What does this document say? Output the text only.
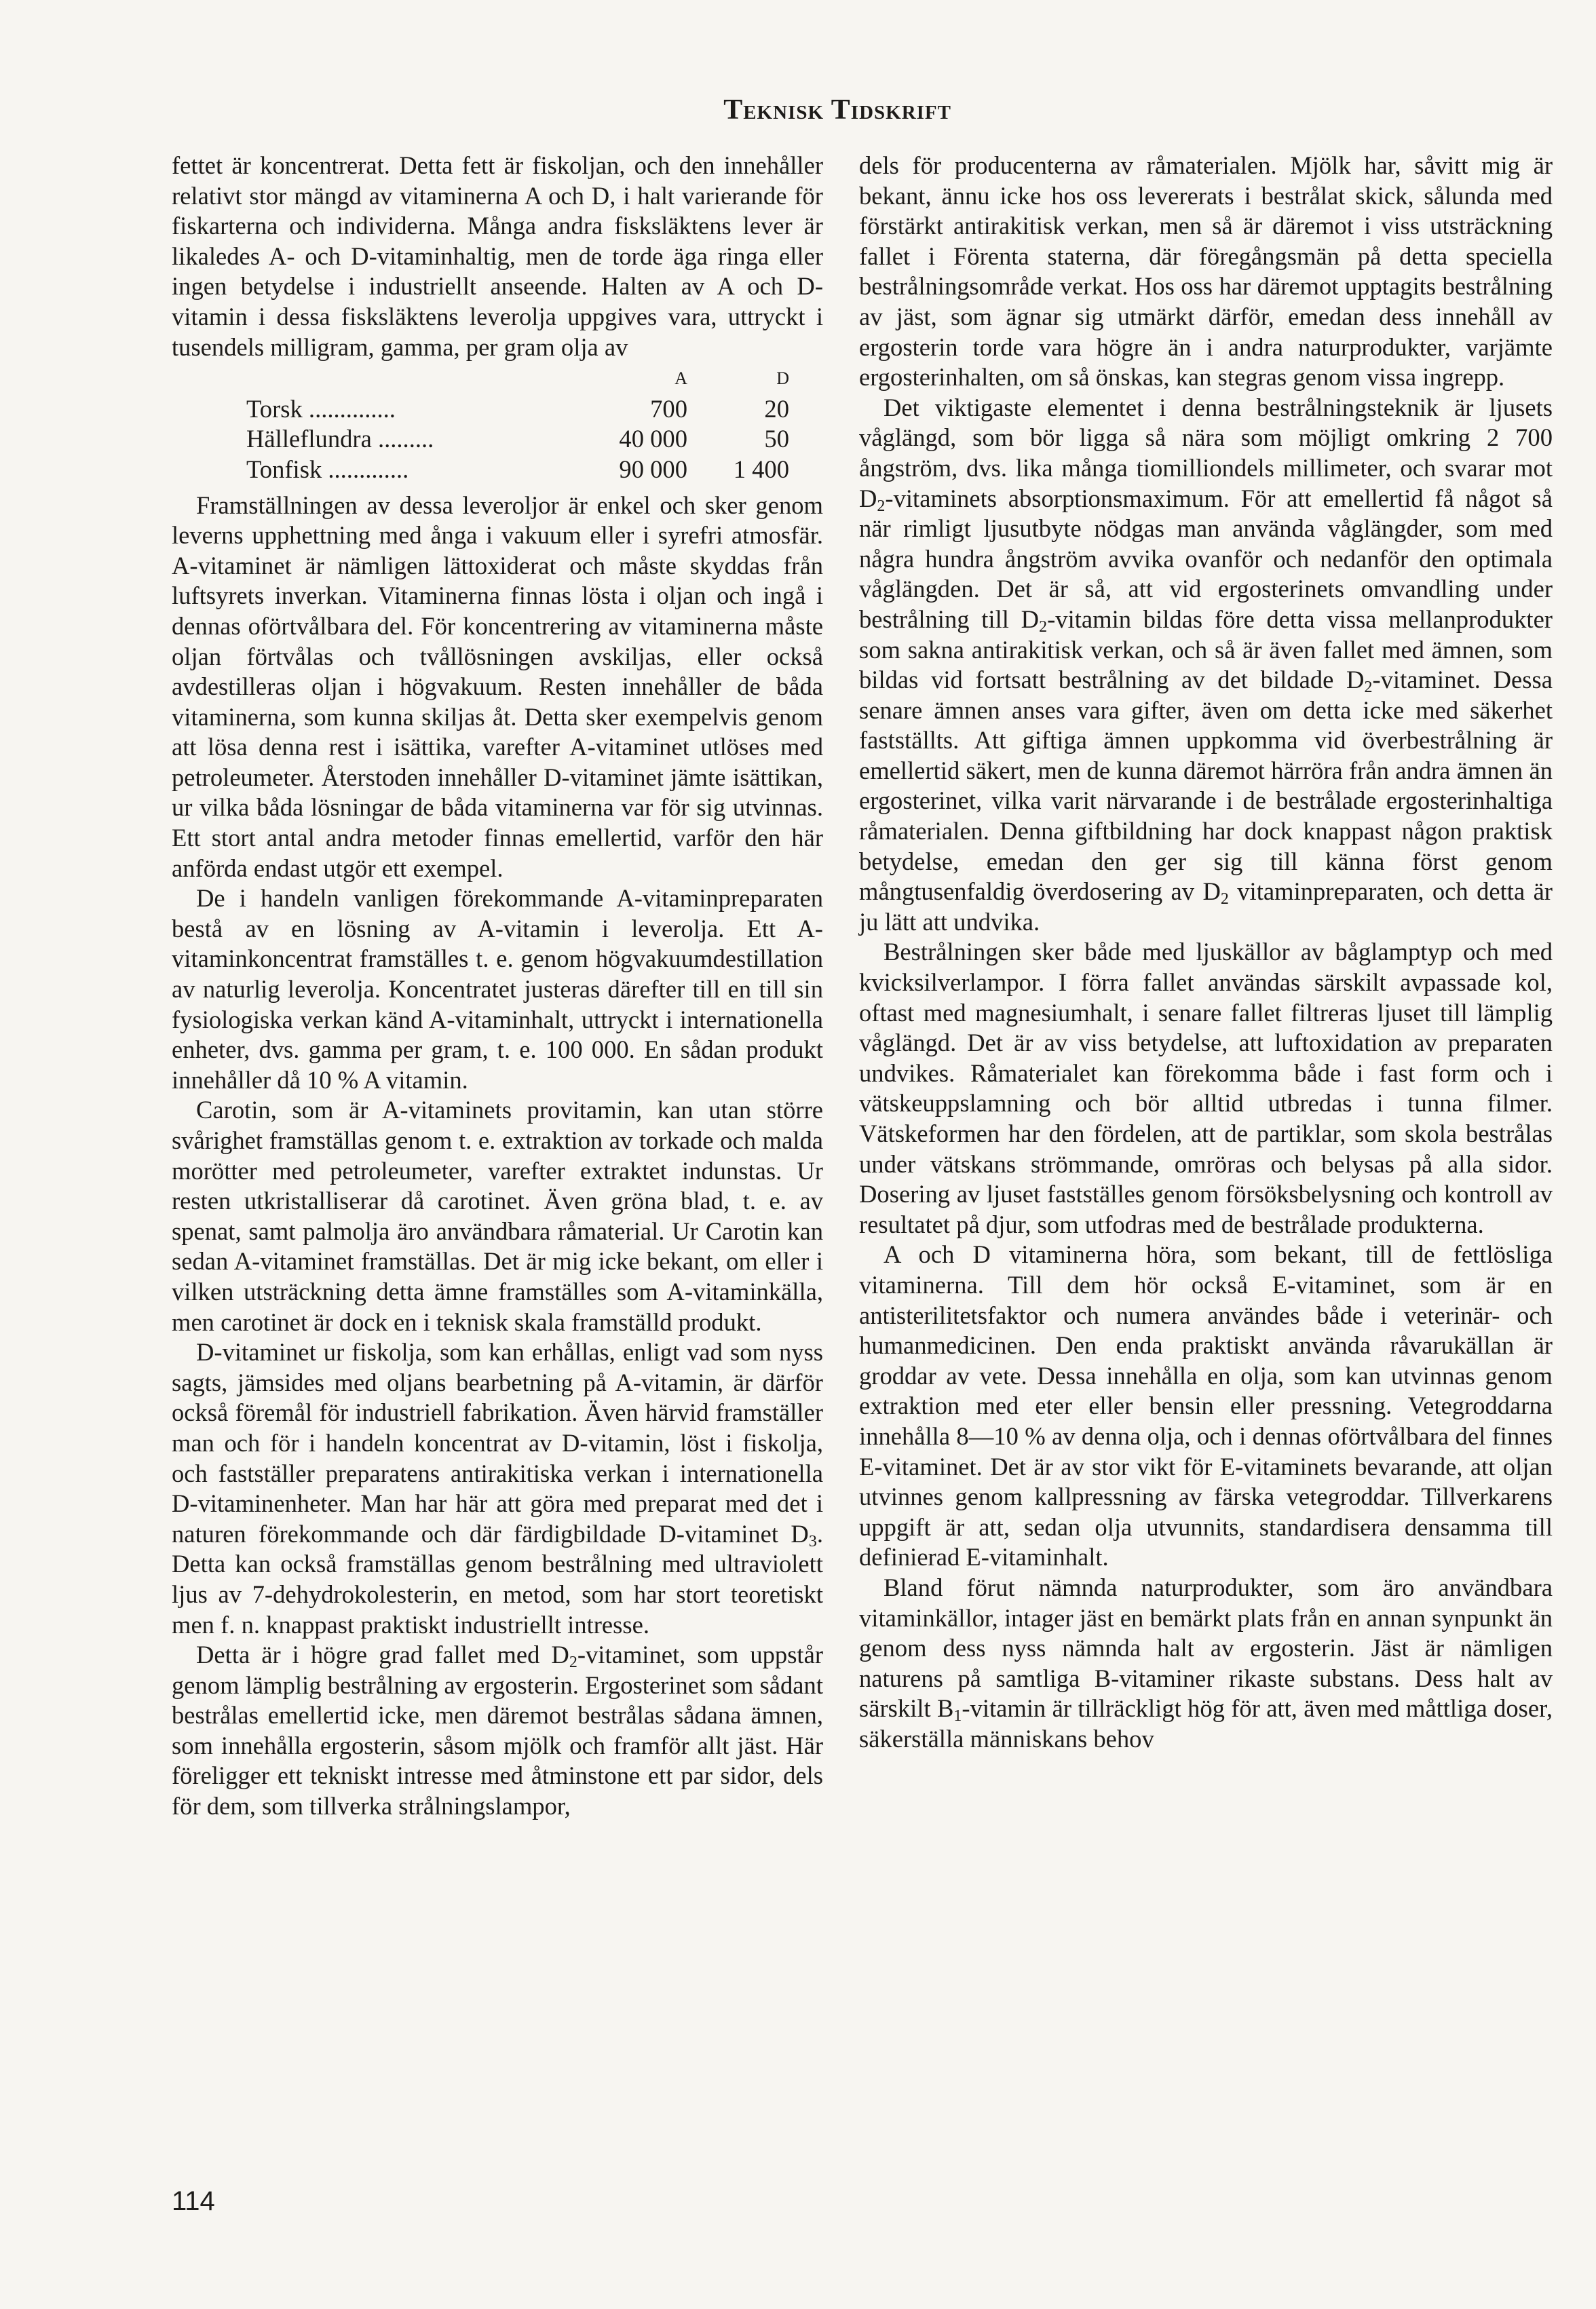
Teknisk Tidskrift

fettet är koncentrerat. Detta fett är fiskoljan, och den innehåller relativt stor mängd av vitaminerna A och D, i halt varierande för fiskarterna och individerna. Många andra fisksläktens lever är likaledes A- och D-vitaminhaltig, men de torde äga ringa eller ingen betydelse i industriellt anseende. Halten av A och D-vitamin i dessa fisksläktens leverolja uppgives vara, uttryckt i tusendels milligram, gamma, per gram olja av

	A	D
Torsk ..............	700	20
Hälleflundra .........	40 000	50
Tonfisk .............	90 000	1 400

Framställningen av dessa leveroljor är enkel och sker genom leverns upphettning med ånga i vakuum eller i syrefri atmosfär. A-vitaminet är nämligen lättoxiderat och måste skyddas från luftsyrets inverkan. Vitaminerna finnas lösta i oljan och ingå i dennas oförtvålbara del. För koncentrering av vitaminerna måste oljan förtvålas och tvållösningen avskiljas, eller också avdestilleras oljan i högvakuum. Resten innehåller de båda vitaminerna, som kunna skiljas åt. Detta sker exempelvis genom att lösa denna rest i isättika, varefter A-vitaminet utlöses med petroleumeter. Återstoden innehåller D-vitaminet jämte isättikan, ur vilka båda lösningar de båda vitaminerna var för sig utvinnas. Ett stort antal andra metoder finnas emellertid, varför den här anförda endast utgör ett exempel.

De i handeln vanligen förekommande A-vitaminpreparaten bestå av en lösning av A-vitamin i leverolja. Ett A-vitaminkoncentrat framställes t. e. genom högvakuumdestillation av naturlig leverolja. Koncentratet justeras därefter till en till sin fysiologiska verkan känd A-vitaminhalt, uttryckt i internationella enheter, dvs. gamma per gram, t. e. 100 000. En sådan produkt innehåller då 10 % A vitamin.

Carotin, som är A-vitaminets provitamin, kan utan större svårighet framställas genom t. e. extraktion av torkade och malda morötter med petroleumeter, varefter extraktet indunstas. Ur resten utkristalliserar då carotinet. Även gröna blad, t. e. av spenat, samt palmolja äro användbara råmaterial. Ur Carotin kan sedan A-vitaminet framställas. Det är mig icke bekant, om eller i vilken utsträckning detta ämne framställes som A-vitaminkälla, men carotinet är dock en i teknisk skala framställd produkt.

D-vitaminet ur fiskolja, som kan erhållas, enligt vad som nyss sagts, jämsides med oljans bearbetning på A-vitamin, är därför också föremål för industriell fabrikation. Även härvid framställer man och för i handeln koncentrat av D-vitamin, löst i fiskolja, och fastställer preparatens antirakitiska verkan i internationella D-vitaminenheter. Man har här att göra med preparat med det i naturen förekommande och där färdigbildade D-vitaminet $D_3$. Detta kan också framställas genom bestrålning med ultraviolett ljus av 7-dehydrokolesterin, en metod, som har stort teoretiskt men f. n. knappast praktiskt industriellt intresse.

Detta är i högre grad fallet med $D_2$-vitaminet, som uppstår genom lämplig bestrålning av ergosterin. Ergosterinet som sådant bestrålas emellertid icke, men däremot bestrålas sådana ämnen, som innehålla ergosterin, såsom mjölk och framför allt jäst. Här föreligger ett tekniskt intresse med åtminstone ett par sidor, dels för dem, som tillverka strålningslampor,

dels för producenterna av råmaterialen. Mjölk har, såvitt mig är bekant, ännu icke hos oss levererats i bestrålat skick, sålunda med förstärkt antirakitisk verkan, men så är däremot i viss utsträckning fallet i Förenta staterna, där föregångsmän på detta speciella bestrålningsområde verkat. Hos oss har däremot upptagits bestrålning av jäst, som ägnar sig utmärkt därför, emedan dess innehåll av ergosterin torde vara högre än i andra naturprodukter, varjämte ergosterinhalten, om så önskas, kan stegras genom vissa ingrepp.

Det viktigaste elementet i denna bestrålningsteknik är ljusets våglängd, som bör ligga så nära som möjligt omkring 2 700 ångström, dvs. lika många tiomilliondels millimeter, och svarar mot $D_2$-vitaminets absorptionsmaximum. För att emellertid få något så när rimligt ljusutbyte nödgas man använda våglängder, som med några hundra ångström avvika ovanför och nedanför den optimala våglängden. Det är så, att vid ergosterinets omvandling under bestrålning till $D_2$-vitamin bildas före detta vissa mellanprodukter som sakna antirakitisk verkan, och så är även fallet med ämnen, som bildas vid fortsatt bestrålning av det bildade $D_2$-vitaminet. Dessa senare ämnen anses vara gifter, även om detta icke med säkerhet fastställts. Att giftiga ämnen uppkomma vid överbestrålning är emellertid säkert, men de kunna däremot härröra från andra ämnen än ergosterinet, vilka varit närvarande i de bestrålade ergosterinhaltiga råmaterialen. Denna giftbildning har dock knappast någon praktisk betydelse, emedan den ger sig till känna först genom mångtusenfaldig överdosering av $D_2$ vitaminpreparaten, och detta är ju lätt att undvika.

Bestrålningen sker både med ljuskällor av båglamptyp och med kvicksilverlampor. I förra fallet användas särskilt avpassade kol, oftast med magnesiumhalt, i senare fallet filtreras ljuset till lämplig våglängd. Det är av viss betydelse, att luftoxidation av preparaten undvikes. Råmaterialet kan förekomma både i fast form och i vätskeuppslamning och bör alltid utbredas i tunna filmer. Vätskeformen har den fördelen, att de partiklar, som skola bestrålas under vätskans strömmande, omröras och belysas på alla sidor. Dosering av ljuset fastställes genom försöksbelysning och kontroll av resultatet på djur, som utfodras med de bestrålade produkterna.

A och D vitaminerna höra, som bekant, till de fettlösliga vitaminerna. Till dem hör också E-vitaminet, som är en antisterilitetsfaktor och numera användes både i veterinär- och humanmedicinen. Den enda praktiskt använda råvarukällan är groddar av vete. Dessa innehålla en olja, som kan utvinnas genom extraktion med eter eller bensin eller pressning. Vetegroddarna innehålla 8—10 % av denna olja, och i dennas oförtvålbara del finnes E-vitaminet. Det är av stor vikt för E-vitaminets bevarande, att oljan utvinnes genom kallpressning av färska vetegroddar. Tillverkarens uppgift är att, sedan olja utvunnits, standardisera densamma till definierad E-vitaminhalt.

Bland förut nämnda naturprodukter, som äro användbara vitaminkällor, intager jäst en bemärkt plats från en annan synpunkt än genom dess nyss nämnda halt av ergosterin. Jäst är nämligen naturens på samtliga B-vitaminer rikaste substans. Dess halt av särskilt $B_1$-vitamin är tillräckligt hög för att, även med måttliga doser, säkerställa människans behov

114
